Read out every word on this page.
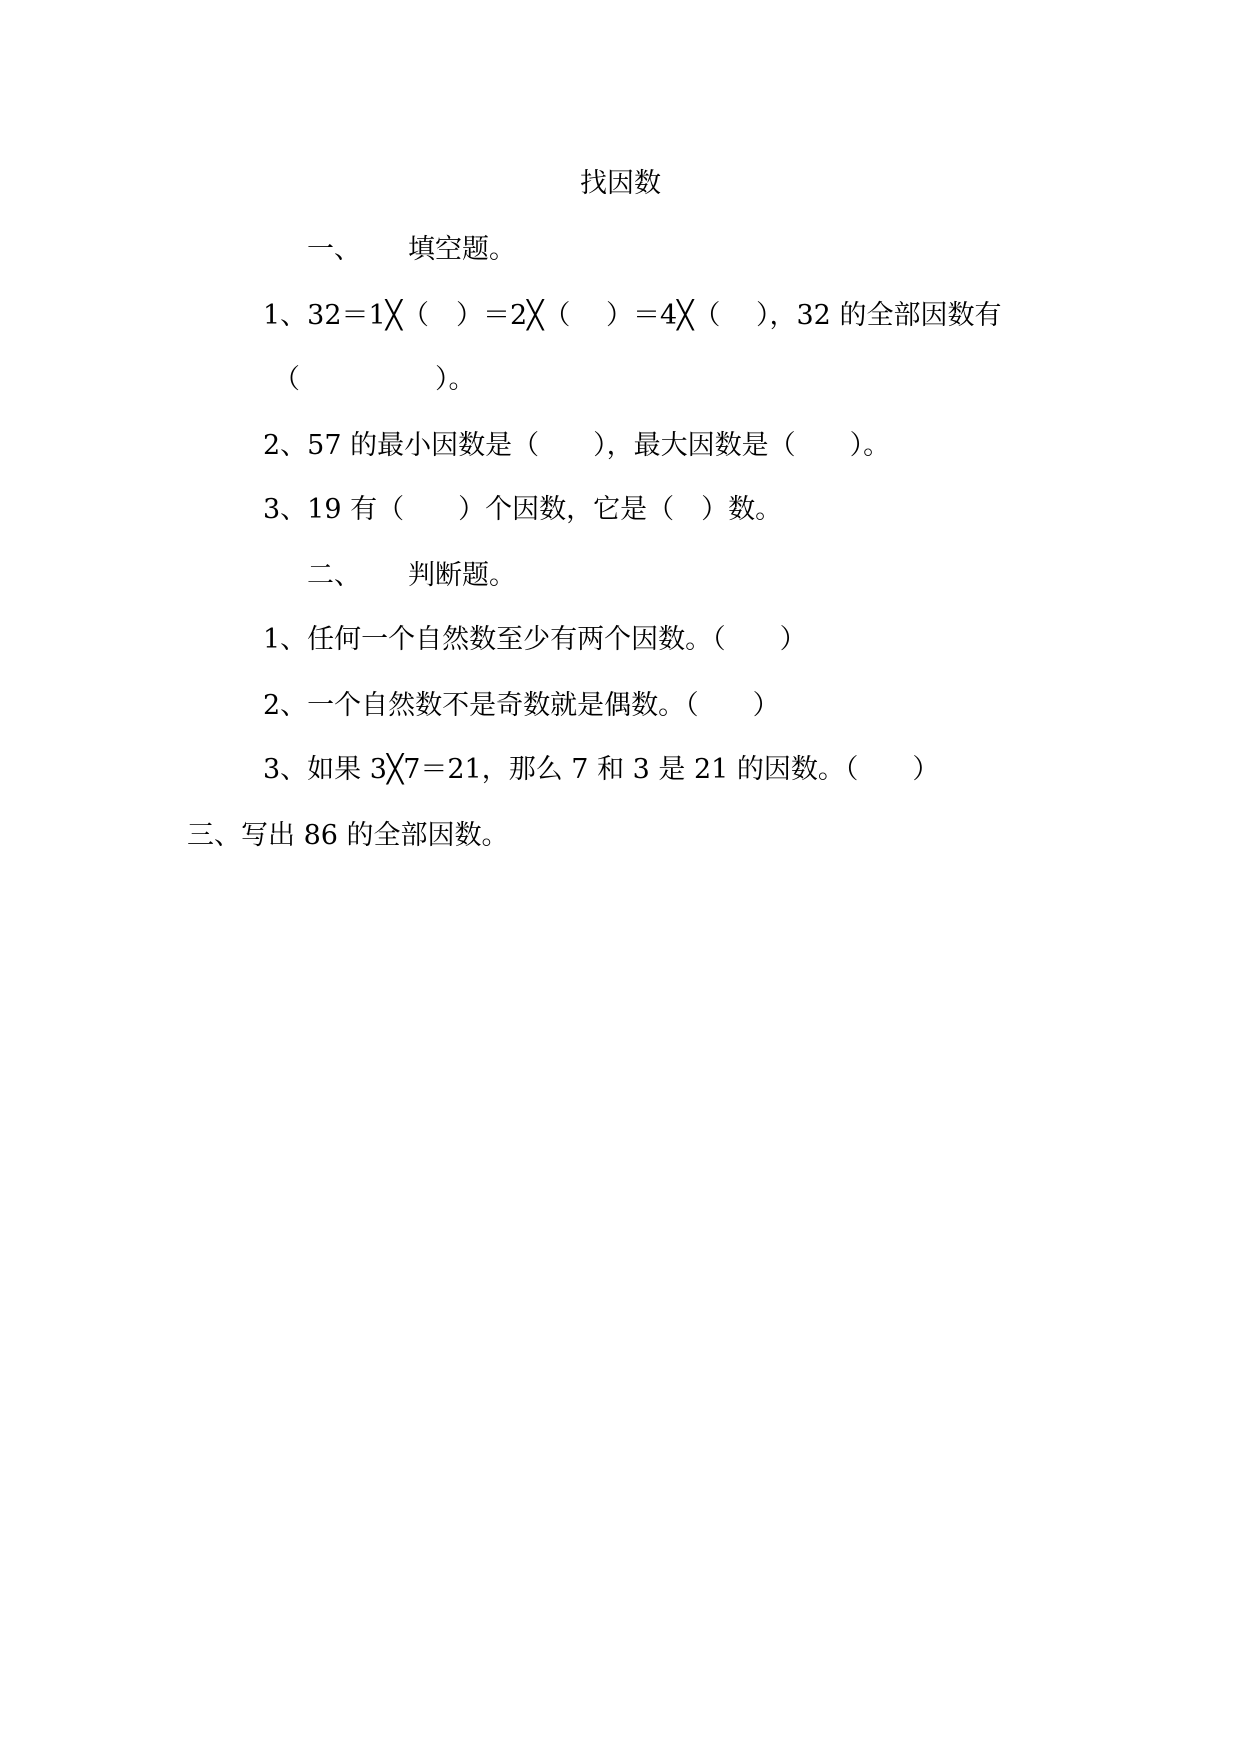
找因数
一、 填空题。
1、32＝1╳（　）＝2╳（　 ）＝4╳（　 ），32 的全部因数有
（　　　　　）。
2、57 的最小因数是（　　），最大因数是（　　）。
3、19 有（　　）个因数，它是（　）数。
二、 判断题。
1、任何一个自然数至少有两个因数。（　　）
2、一个自然数不是奇数就是偶数。（　　）
3、如果 3╳7＝21，那么 7 和 3 是 21 的因数。（　　）
三、写出 86 的全部因数。
